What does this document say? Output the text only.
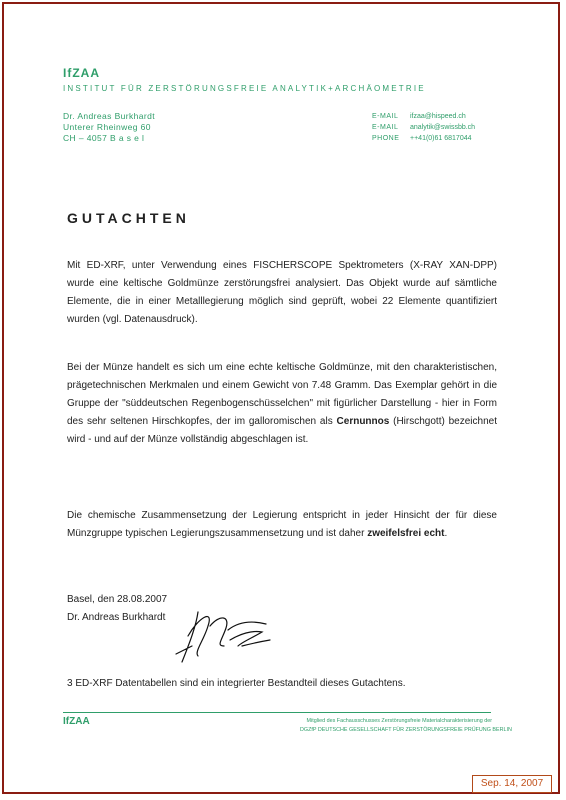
IfZAA
INSTITUT FÜR ZERSTÖRUNGSFREIE ANALYTIK+ARCHÄOMETRIE
Dr. Andreas Burkhardt
Unterer Rheinweg 60
CH – 4057 B a s e l
E-MAIL ifzaa@hispeed.ch
E-MAIL analytik@swissbb.ch
PHONE ++41(0)61 6817044
GUTACHTEN
Mit ED-XRF, unter Verwendung eines FISCHERSCOPE Spektrometers (X-RAY XAN-DPP) wurde eine keltische Goldmünze zerstörungsfrei analysiert. Das Objekt wurde auf sämtliche Elemente, die in einer Metalllegierung möglich sind geprüft, wobei 22 Elemente quantifiziert wurden (vgl. Datenausdruck).
Bei der Münze handelt es sich um eine echte keltische Goldmünze, mit den charakteristischen, prägetechnischen Merkmalen und einem Gewicht von 7.48 Gramm. Das Exemplar gehört in die Gruppe der "süddeutschen Regenbogenschüsselchen" mit figürlicher Darstellung - hier in Form des sehr seltenen Hirschkopfes, der im galloromischen als Cernunnos (Hirschgott) bezeichnet wird - und auf der Münze vollständig abgeschlagen ist.
Die chemische Zusammensetzung der Legierung entspricht in jeder Hinsicht der für diese Münzgruppe typischen Legierungszusammensetzung und ist daher zweifelsfrei echt.
Basel, den 28.08.2007
Dr. Andreas Burkhardt
3 ED-XRF Datentabellen sind ein integrierter Bestandteil dieses Gutachtens.
IfZAA	Mitglied des Fachausschusses Zerstörungsfreie Materialcharakterisierung der
DGZfP DEUTSCHE GESELLSCHAFT FÜR ZERSTÖRUNGSFREIE PRÜFUNG BERLIN
Sep. 14, 2007
